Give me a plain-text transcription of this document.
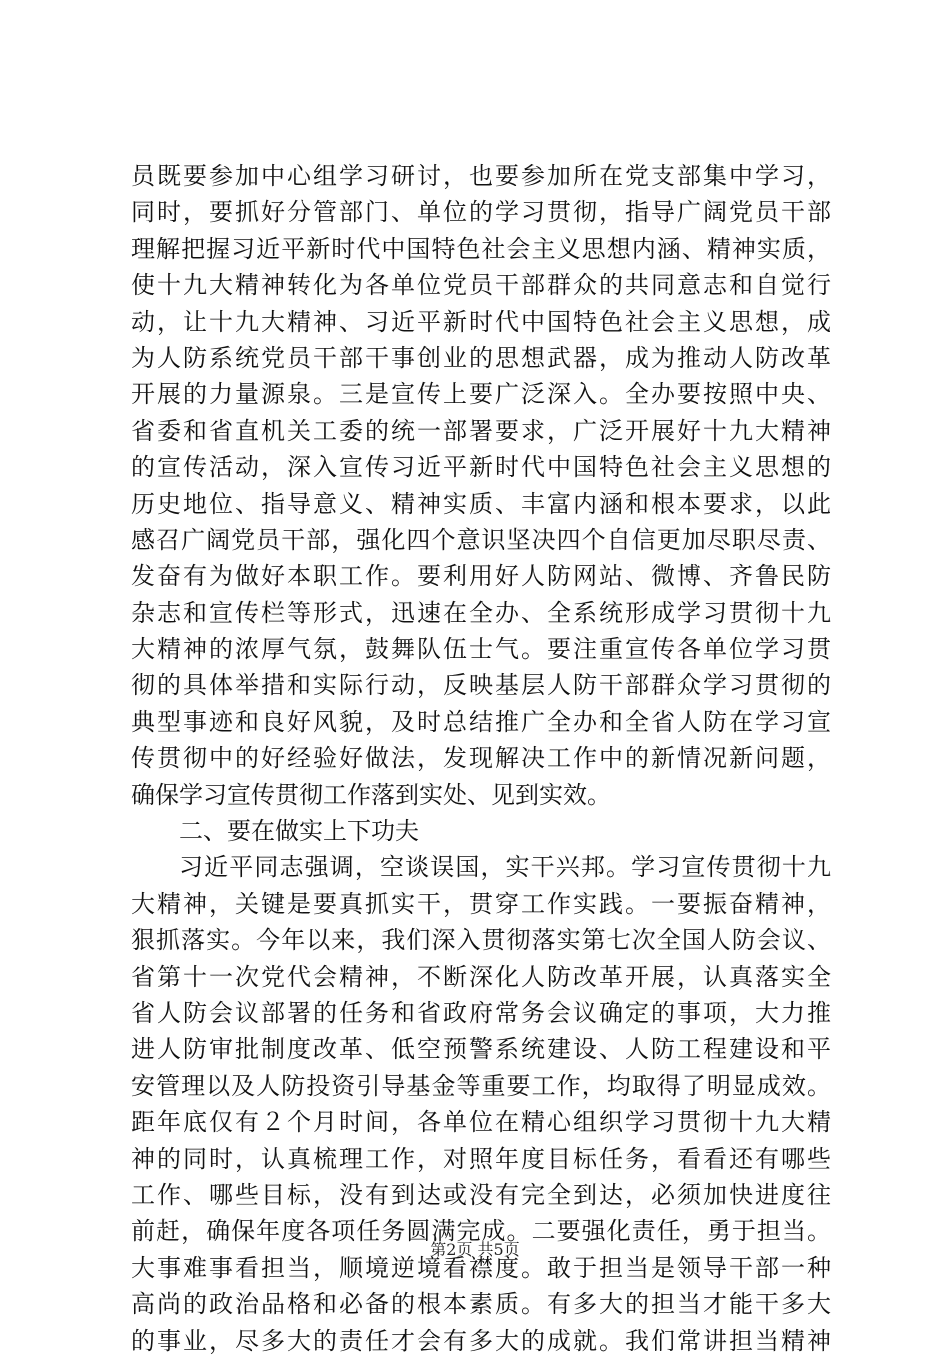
员既要参加中心组学习研讨，也要参加所在党支部集中学习，
同时，要抓好分管部门、单位的学习贯彻，指导广阔党员干部
理解把握习近平新时代中国特色社会主义思想内涵、精神实质，
使十九大精神转化为各单位党员干部群众的共同意志和自觉行
动，让十九大精神、习近平新时代中国特色社会主义思想，成
为人防系统党员干部干事创业的思想武器，成为推动人防改革
开展的力量源泉。三是宣传上要广泛深入。全办要按照中央、
省委和省直机关工委的统一部署要求，广泛开展好十九大精神
的宣传活动，深入宣传习近平新时代中国特色社会主义思想的
历史地位、指导意义、精神实质、丰富内涵和根本要求，以此
感召广阔党员干部，强化四个意识坚决四个自信更加尽职尽责、
发奋有为做好本职工作。要利用好人防网站、微博、齐鲁民防
杂志和宣传栏等形式，迅速在全办、全系统形成学习贯彻十九
大精神的浓厚气氛，鼓舞队伍士气。要注重宣传各单位学习贯
彻的具体举措和实际行动，反映基层人防干部群众学习贯彻的
典型事迹和良好风貌，及时总结推广全办和全省人防在学习宣
传贯彻中的好经验好做法，发现解决工作中的新情况新问题，
确保学习宣传贯彻工作落到实处、见到实效。
二、要在做实上下功夫
习近平同志强调，空谈误国，实干兴邦。学习宣传贯彻十九
大精神，关键是要真抓实干，贯穿工作实践。一要振奋精神，
狠抓落实。今年以来，我们深入贯彻落实第七次全国人防会议、
省第十一次党代会精神，不断深化人防改革开展，认真落实全
省人防会议部署的任务和省政府常务会议确定的事项，大力推
进人防审批制度改革、低空预警系统建设、人防工程建设和平
安管理以及人防投资引导基金等重要工作，均取得了明显成效。
距年底仅有２个月时间，各单位在精心组织学习贯彻十九大精
神的同时，认真梳理工作，对照年度目标任务，看看还有哪些
工作、哪些目标，没有到达或没有完全到达，必须加快进度往
前赶，确保年度各项任务圆满完成。二要强化责任，勇于担当。
大事难事看担当，顺境逆境看襟度。敢于担当是领导干部一种
高尚的政治品格和必备的根本素质。有多大的担当才能干多大
的事业，尽多大的责任才会有多大的成就。我们常讲担当精神
第2页 共5页
